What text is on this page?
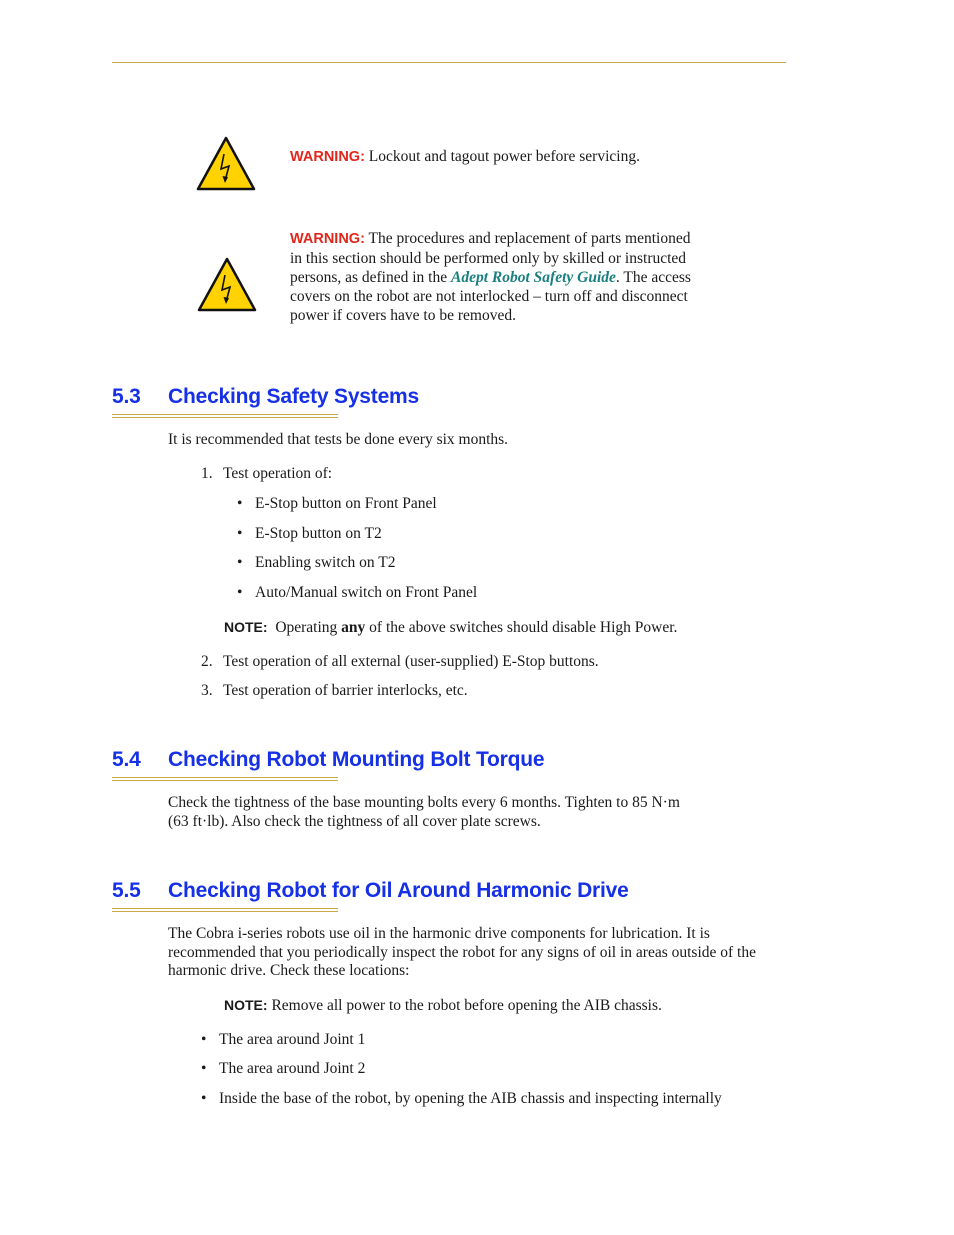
WARNING: Lockout and tagout power before servicing.
WARNING: The procedures and replacement of parts mentioned in this section should be performed only by skilled or instructed persons, as defined in the Adept Robot Safety Guide. The access covers on the robot are not interlocked – turn off and disconnect power if covers have to be removed.
5.3 Checking Safety Systems
It is recommended that tests be done every six months.
1. Test operation of:
• E-Stop button on Front Panel
• E-Stop button on T2
• Enabling switch on T2
• Auto/Manual switch on Front Panel
NOTE: Operating any of the above switches should disable High Power.
2. Test operation of all external (user-supplied) E-Stop buttons.
3. Test operation of barrier interlocks, etc.
5.4 Checking Robot Mounting Bolt Torque
Check the tightness of the base mounting bolts every 6 months. Tighten to 85 N·m
(63 ft·lb). Also check the tightness of all cover plate screws.
5.5 Checking Robot for Oil Around Harmonic Drive
The Cobra i-series robots use oil in the harmonic drive components for lubrication. It is recommended that you periodically inspect the robot for any signs of oil in areas outside of the harmonic drive. Check these locations:
NOTE: Remove all power to the robot before opening the AIB chassis.
• The area around Joint 1
• The area around Joint 2
• Inside the base of the robot, by opening the AIB chassis and inspecting internally
